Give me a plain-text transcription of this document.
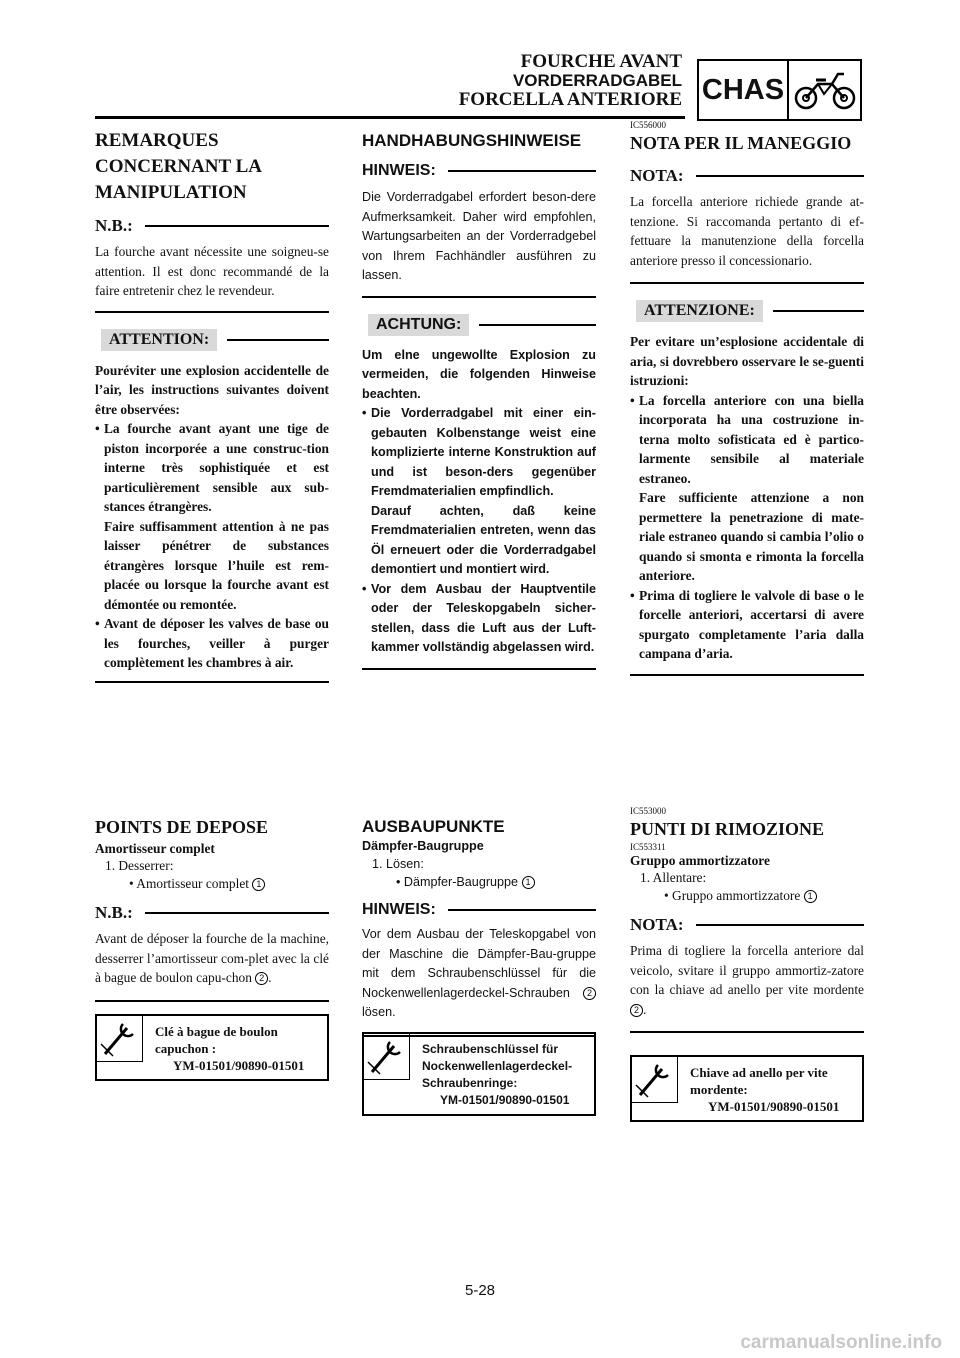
FOURCHE AVANT
VORDERRADGABEL
FORCELLA ANTERIORE CHAS
REMARQUES CONCERNANT LA MANIPULATION
N.B.:
La fourche avant nécessite une soigneu-se attention. Il est donc recommandé de la faire entretenir chez le revendeur.
ATTENTION:
Pouréviter une explosion accidentelle de l’air, les instructions suivantes doivent être observées:
• La fourche avant ayant une tige de piston incorporée a une construc-tion interne très sophistiquée et est particulièrement sensible aux sub-stances étrangères.
Faire suffisamment attention à ne pas laisser pénétrer de substances étrangères lorsque l’huile est rem-placée ou lorsque la fourche avant est démontée ou remontée.
• Avant de déposer les valves de base ou les fourches, veiller à purger complètement les chambres à air.
HANDHABUNGSHINWEISE
HINWEIS:
Die Vorderradgabel erfordert beson-dere Aufmerksamkeit. Daher wird empfohlen, Wartungsarbeiten an der Vorderradgebel von Ihrem Fachhändler ausführen zu lassen.
ACHTUNG:
Um elne ungewollte Explosion zu vermeiden, die folgenden Hinweise beachten.
• Die Vorderradgabel mit einer ein-gebauten Kolbenstange weist eine komplizierte interne Konstruktion auf und ist beson-ders gegenüber Fremdmaterialien empfindlich.
Darauf achten, daß keine Fremdmaterialien entreten, wenn das Öl erneuert oder die Vorderradgabel demontiert und montiert wird.
• Vor dem Ausbau der Hauptventile oder der Teleskopgabeln sicher-stellen, dass die Luft aus der Luft-kammer vollständig abgelassen wird.
IC556000
NOTA PER IL MANEGGIO
NOTA:
La forcella anteriore richiede grande at-tenzione. Si raccomanda pertanto di ef-fettuare la manutenzione della forcella anteriore presso il concessionario.
ATTENZIONE:
Per evitare un’esplosione accidentale di aria, si dovrebbero osservare le se-guenti istruzioni:
• La forcella anteriore con una biella incorporata ha una costruzione in-terna molto sofisticata ed è partico-larmente sensibile al materiale estraneo.
Fare sufficiente attenzione a non permettere la penetrazione di mate-riale estraneo quando si cambia l’olio o quando si smonta e rimonta la forcella anteriore.
• Prima di togliere le valvole di base o le forcelle anteriori, accertarsi di avere spurgato completamente l’aria dalla campana d’aria.
POINTS DE DEPOSE
Amortisseur complet
1. Desserrer:
• Amortisseur complet 1
N.B.:
Avant de déposer la fourche de la machine, desserrer l’amortisseur com-plet avec la clé à bague de boulon capu-chon 2 .
Clé à bague de boulon capuchon :
YM-01501/90890-01501
AUSBAUPUNKTE
Dämpfer-Baugruppe
1. Lösen:
• Dämpfer-Baugruppe 1
HINWEIS:
Vor dem Ausbau der Teleskopgabel von der Maschine die Dämpfer-Bau-gruppe mit dem Schraubenschlüssel für die Nockenwellenlagerdeckel-Schrauben 2 lösen.
Schraubenschlüssel für Nockenwellenlagerdeckel-Schraubenringe:
YM-01501/90890-01501
IC553000
PUNTI DI RIMOZIONE
IC553311
Gruppo ammortizzatore
1. Allentare:
• Gruppo ammortizzatore 1
NOTA:
Prima di togliere la forcella anteriore dal veicolo, svitare il gruppo ammortiz-zatore con la chiave ad anello per vite mordente 2 .
Chiave ad anello per vite mordente:
YM-01501/90890-01501
5-28
carmanualsonline.info
